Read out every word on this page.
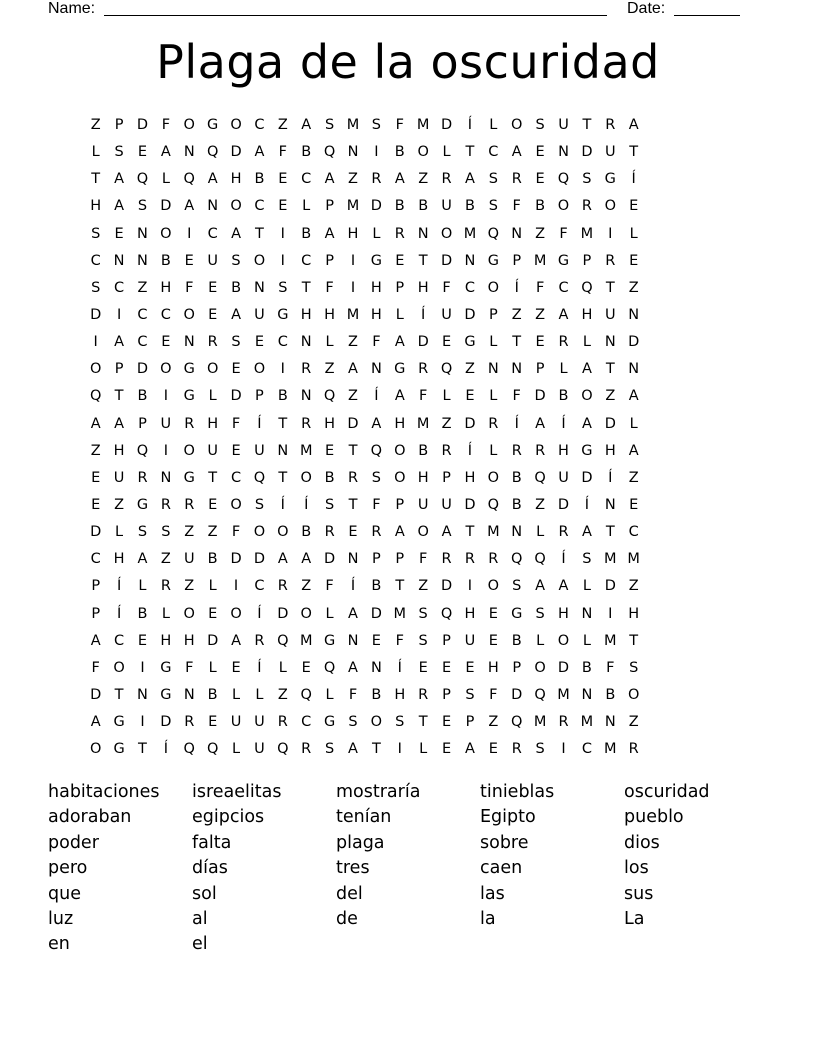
Name:	Date:
Plaga de la oscuridad
Z P D F O G O C Z A S M S F M D Í L O S U T R A
L S E A N Q D A F B Q N I B O L T C A E N D U T
T A Q L Q A H B E C A Z R A Z R A S R E Q S G Í
H A S D A N O C E L P M D B B U B S F B O R O E
S E N O I C A T I B A H L R N O M Q N Z F M I L
C N N B E U S O I C P I G E T D N G P M G P R E
S C Z H F E B N S T F I H P H F C O Í F C Q T Z
D I C C O E A U G H H M H L Í U D P Z Z A H U N
I A C E N R S E C N L Z F A D E G L T E R L N D
O P D O G O E O I R Z A N G R Q Z N N P L A T N
Q T B I G L D P B N Q Z Í A F L E L F D B O Z A
A A P U R H F Í T R H D A H M Z D R Í A Í A D L
Z H Q I O U E U N M E T Q O B R Í L R R H G H A
E U R N G T C Q T O B R S O H P H O B Q U D Í Z
E Z G R R E O S Í Í S T F P U U D Q B Z D Í N E
D L S S Z Z F O O B R E R A O A T M N L R A T C
C H A Z U B D D A A D N P P F R R R Q Q Í S M M
P Í L R Z L I C R Z F Í B T Z D I O S A A L D Z
P Í B L O E O Í D O L A D M S Q H E G S H N I H
A C E H H D A R Q M G N E F S P U E B L O L M T
F O I G F L E Í L E Q A N Í E E E H P O D B F S
D T N G N B L L Z Q L F B H R P S F D Q M N B O
A G I D R E U U R C G S O S T E P Z Q M R M N Z
O G T Í Q Q L U Q R S A T I L E A E R S I C M R
habitaciones	isreaelitas	mostraría	tinieblas	oscuridad
adoraban	egipcios	tenían	Egipto	pueblo
poder	falta	plaga	sobre	dios
pero	días	tres	caen	los
que	sol	del	las	sus
luz	al	de	la	La
en	el
